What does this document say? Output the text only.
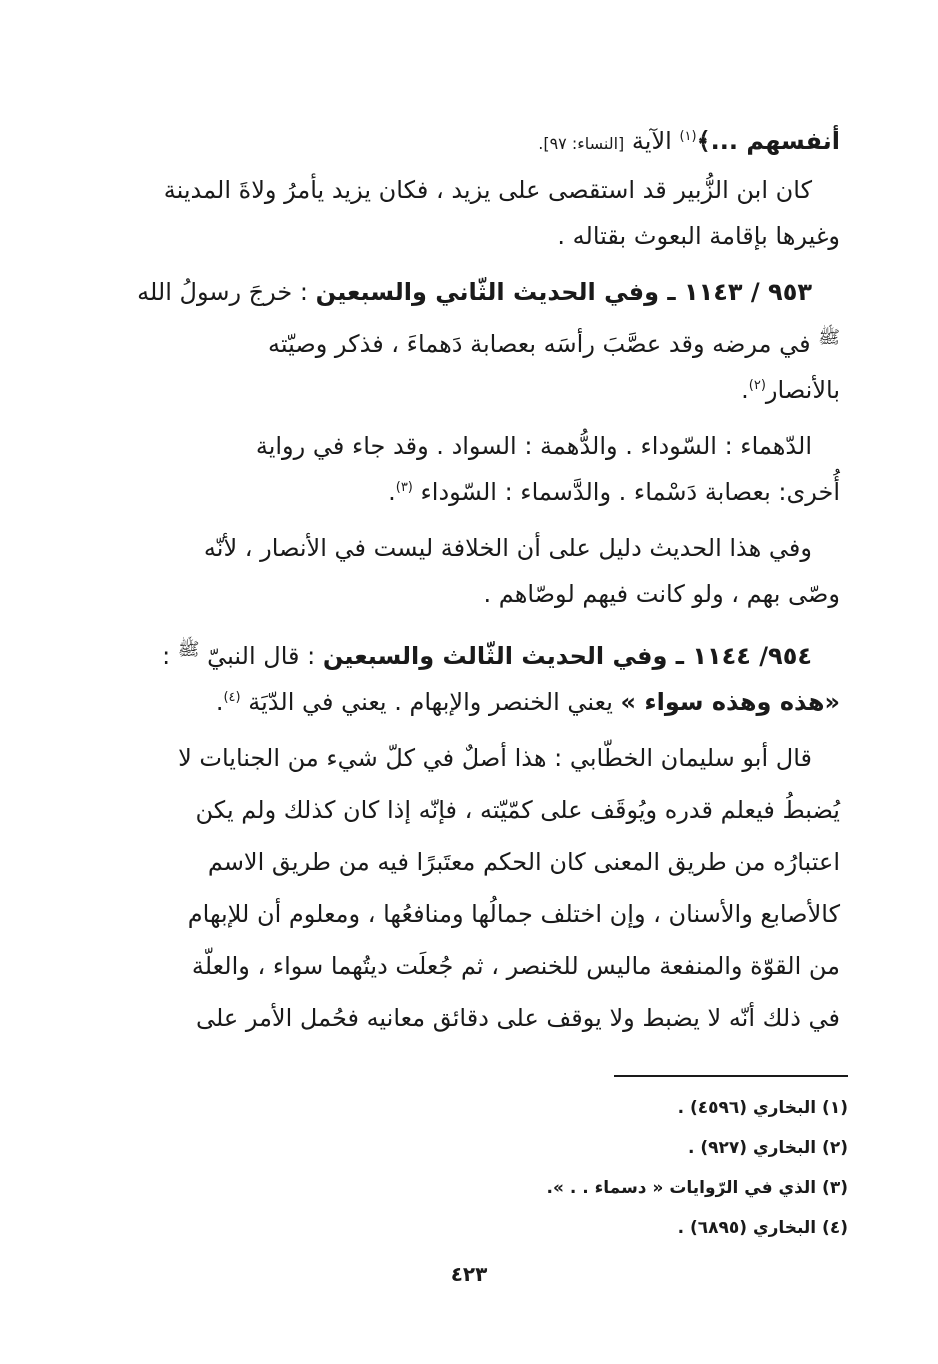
أنفسهم ...﴾$^{(١)}$ الآية [النساء: ٩٧].

كان ابن الزُّبير قد استقصى على يزيد ، فكان يزيد يأمرُ ولاةَ المدينة

وغيرها بإقامة البعوث بقتاله .

٩٥٣ / ١١٤٣ ـ وفي الحديث الثّاني والسبعين : خرجَ رسولُ الله

$^ﷺ$ في مرضه وقد عصَّبَ رأسَه بعصابة دَهماءَ ، فذكر وصيّته

بالأنصار$^{(٢)}$.

الدّهماء : السّوداء . والدُّهمة : السواد . وقد جاء في رواية

أُخرى: بعصابة دَسْماء . والدَّسماء : السّوداء $^{(٣)}$.

وفي هذا الحديث دليل على أن الخلافة ليست في الأنصار ، لأنّه

وصّى بهم ، ولو كانت فيهم لوصّاهم .

٩٥٤/ ١١٤٤ ـ وفي الحديث الثّالث والسبعين : قال النبيّ $^ﷺ$ :

«هذه وهذه سواء » يعني الخنصر والإبهام . يعني في الدّيَة $^{(٤)}$.

قال أبو سليمان الخطّابي : هذا أصلٌ في كلّ شيء من الجنايات لا

يُضبطُ فيعلم قدره ويُوقَف على كمّيّته ، فإنّه إذا كان كذلك ولم يكن

اعتبارُه من طريق المعنى كان الحكم معتَبرًا فيه من طريق الاسم

كالأصابع والأسنان ، وإن اختلف جمالُها ومنافعُها ، ومعلوم أن للإبهام

من القوّة والمنفعة ماليس للخنصر ، ثم جُعلَت ديتُهما سواء ، والعلّة

في ذلك أنّه لا يضبط ولا يوقف على دقائق معانيه فحُمل الأمر على

(١) البخاري (٤٥٩٦) .

(٢) البخاري (٩٢٧) .

(٣) الذي في الرّوايات « دسماء . . ».

(٤) البخاري (٦٨٩٥) .

٤٢٣
